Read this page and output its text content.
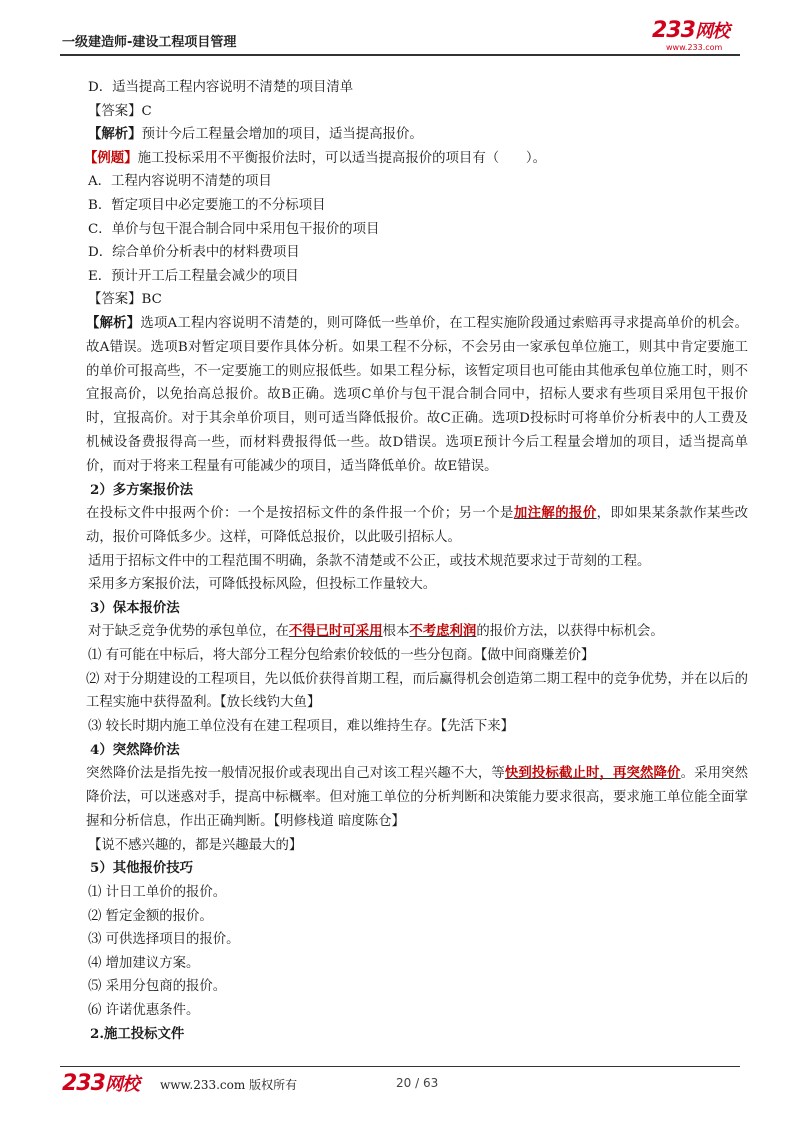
一级建造师-建设工程项目管理	233网校
www.233.com
D．适当提高工程内容说明不清楚的项目清单
【答案】C
【解析】预计今后工程量会增加的项目，适当提高报价。
【例题】施工投标采用不平衡报价法时，可以适当提高报价的项目有（　　）。
A．工程内容说明不清楚的项目
B．暂定项目中必定要施工的不分标项目
C．单价与包干混合制合同中采用包干报价的项目
D．综合单价分析表中的材料费项目
E．预计开工后工程量会减少的项目
【答案】BC
【解析】选项A工程内容说明不清楚的，则可降低一些单价，在工程实施阶段通过索赔再寻求提高单价的机会。故A错误。选项B对暂定项目要作具体分析。如果工程不分标，不会另由一家承包单位施工，则其中肯定要施工的单价可报高些，不一定要施工的则应报低些。如果工程分标，该暂定项目也可能由其他承包单位施工时，则不宜报高价，以免抬高总报价。故B正确。选项C单价与包干混合制合同中，招标人要求有些项目采用包干报价时，宜报高价。对于其余单价项目，则可适当降低报价。故C正确。选项D投标时可将单价分析表中的人工费及机械设备费报得高一些，而材料费报得低一些。故D错误。选项E预计今后工程量会增加的项目，适当提高单价，而对于将来工程量有可能减少的项目，适当降低单价。故E错误。
2）多方案报价法
在投标文件中报两个价：一个是按招标文件的条件报一个价；另一个是加注解的报价，即如果某条款作某些改动，报价可降低多少。这样，可降低总报价，以此吸引招标人。
适用于招标文件中的工程范围不明确，条款不清楚或不公正，或技术规范要求过于苛刻的工程。
采用多方案报价法，可降低投标风险，但投标工作量较大。
3）保本报价法
对于缺乏竞争优势的承包单位，在不得已时可采用根本不考虑利润的报价方法，以获得中标机会。
⑴ 有可能在中标后，将大部分工程分包给索价较低的一些分包商。【做中间商赚差价】
⑵ 对于分期建设的工程项目，先以低价获得首期工程，而后赢得机会创造第二期工程中的竞争优势，并在以后的工程实施中获得盈利。【放长线钓大鱼】
⑶ 较长时期内施工单位没有在建工程项目，难以维持生存。【先活下来】
4）突然降价法
突然降价法是指先按一般情况报价或表现出自己对该工程兴趣不大，等快到投标截止时，再突然降价。采用突然降价法，可以迷惑对手，提高中标概率。但对施工单位的分析判断和决策能力要求很高，要求施工单位能全面掌握和分析信息，作出正确判断。【明修栈道 暗度陈仓】
【说不感兴趣的，都是兴趣最大的】
5）其他报价技巧
⑴ 计日工单价的报价。
⑵ 暂定金额的报价。
⑶ 可供选择项目的报价。
⑷ 增加建议方案。
⑸ 采用分包商的报价。
⑹ 许诺优惠条件。
2.施工投标文件
233网校 www.233.com 版权所有	20 / 63
